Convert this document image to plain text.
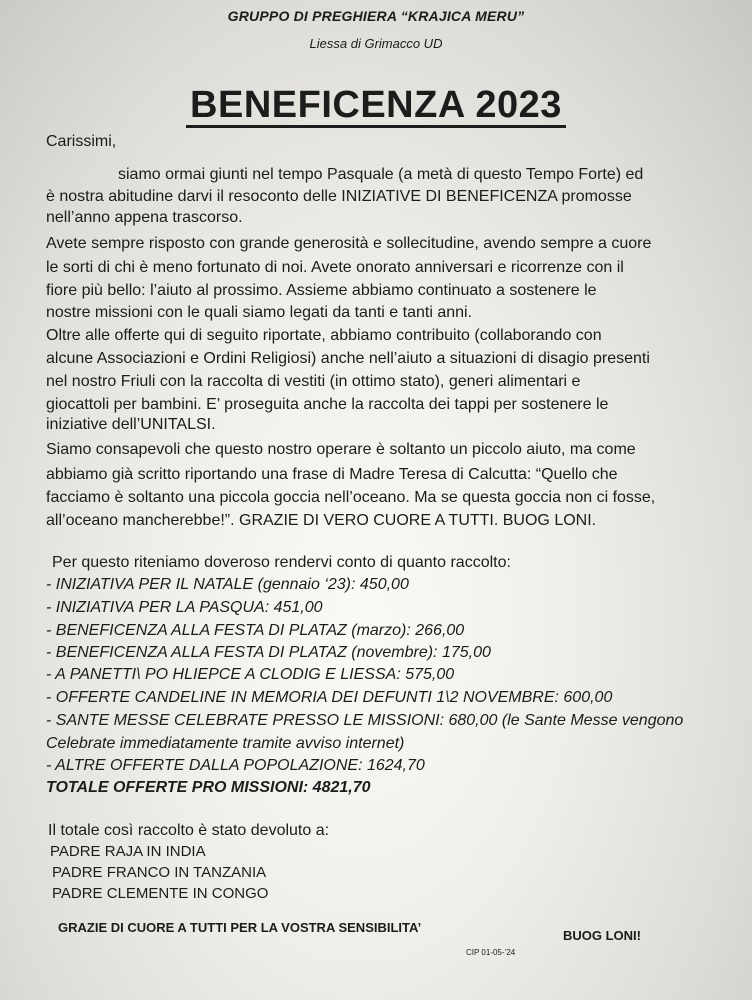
GRUPPO DI PREGHIERA “KRAJICA MERU”
Liessa di Grimacco UD
BENEFICENZA 2023
Carissimi,
siamo ormai giunti nel tempo Pasquale (a metà di questo Tempo Forte) ed
è nostra abitudine darvi il resoconto delle INIZIATIVE DI BENEFICENZA promosse
nell’anno appena trascorso.
Avete sempre risposto con grande generosità e sollecitudine, avendo sempre a cuore
le sorti di chi è meno fortunato di noi. Avete onorato anniversari e ricorrenze con il
fiore più bello: l’aiuto al prossimo. Assieme abbiamo continuato a sostenere le
nostre missioni con le quali siamo legati da tanti e tanti anni.
Oltre alle offerte qui di seguito riportate, abbiamo contribuito (collaborando con
alcune Associazioni e Ordini Religiosi) anche nell’aiuto a situazioni di disagio presenti
nel nostro Friuli con la raccolta di vestiti (in ottimo stato), generi alimentari e
giocattoli per bambini. E’ proseguita anche la raccolta dei tappi per sostenere le
iniziative dell’UNITALSI.
Siamo consapevoli che questo nostro operare è soltanto un piccolo aiuto, ma come
abbiamo già scritto riportando una frase di Madre Teresa di Calcutta: “Quello che
facciamo è soltanto una piccola goccia nell’oceano. Ma se questa goccia non ci fosse,
all’oceano mancherebbe!”. GRAZIE DI VERO CUORE A TUTTI. BUOG LONI.
Per questo riteniamo doveroso rendervi conto di quanto raccolto:
- INIZIATIVA PER IL NATALE (gennaio ‘23): 450,00
- INIZIATIVA PER LA PASQUA: 451,00
- BENEFICENZA ALLA FESTA DI PLATAZ (marzo): 266,00
- BENEFICENZA ALLA FESTA DI PLATAZ (novembre): 175,00
- A PANETTI\ PO HLIEPCE A CLODIG E LIESSA: 575,00
- OFFERTE CANDELINE IN MEMORIA DEI DEFUNTI 1\2 NOVEMBRE: 600,00
- SANTE MESSE CELEBRATE PRESSO LE MISSIONI: 680,00 (le Sante Messe vengono
Celebrate immediatamente tramite avviso internet)
- ALTRE OFFERTE DALLA POPOLAZIONE: 1624,70
TOTALE OFFERTE PRO MISSIONI: 4821,70
Il totale così raccolto è stato devoluto a:
PADRE RAJA IN INDIA
PADRE FRANCO IN TANZANIA
PADRE CLEMENTE IN CONGO
GRAZIE DI CUORE A TUTTI PER LA VOSTRA SENSIBILITA’
BUOG LONI!
CIP 01-05-’24
